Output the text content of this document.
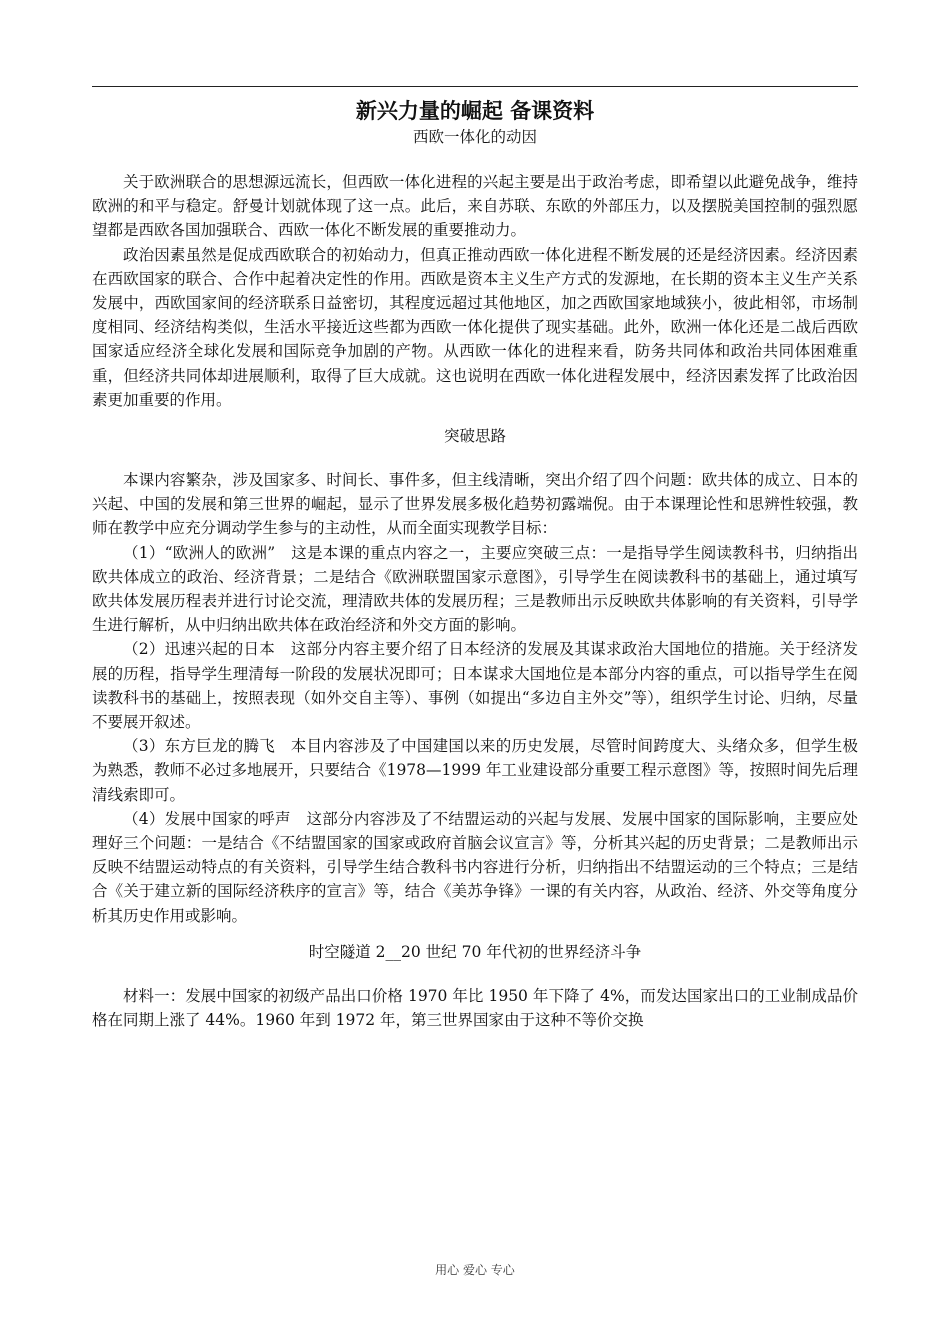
新兴力量的崛起 备课资料
西欧一体化的动因

关于欧洲联合的思想源远流长，但西欧一体化进程的兴起主要是出于政治考虑，即希望以此避免战争，维持欧洲的和平与稳定。舒曼计划就体现了这一点。此后，来自苏联、东欧的外部压力，以及摆脱美国控制的强烈愿望都是西欧各国加强联合、西欧一体化不断发展的重要推动力。

政治因素虽然是促成西欧联合的初始动力，但真正推动西欧一体化进程不断发展的还是经济因素。经济因素在西欧国家的联合、合作中起着决定性的作用。西欧是资本主义生产方式的发源地，在长期的资本主义生产关系发展中，西欧国家间的经济联系日益密切，其程度远超过其他地区，加之西欧国家地域狭小，彼此相邻，市场制度相同、经济结构类似，生活水平接近这些都为西欧一体化提供了现实基础。此外，欧洲一体化还是二战后西欧国家适应经济全球化发展和国际竞争加剧的产物。从西欧一体化的进程来看，防务共同体和政治共同体困难重重，但经济共同体却进展顺利，取得了巨大成就。这也说明在西欧一体化进程发展中，经济因素发挥了比政治因素更加重要的作用。

突破思路

本课内容繁杂，涉及国家多、时间长、事件多，但主线清晰，突出介绍了四个问题：欧共体的成立、日本的兴起、中国的发展和第三世界的崛起，显示了世界发展多极化趋势初露端倪。由于本课理论性和思辨性较强，教师在教学中应充分调动学生参与的主动性，从而全面实现教学目标：

（1）“欧洲人的欧洲”　这是本课的重点内容之一，主要应突破三点：一是指导学生阅读教科书，归纳指出欧共体成立的政治、经济背景；二是结合《欧洲联盟国家示意图》，引导学生在阅读教科书的基础上，通过填写欧共体发展历程表并进行讨论交流，理清欧共体的发展历程；三是教师出示反映欧共体影响的有关资料，引导学生进行解析，从中归纳出欧共体在政治经济和外交方面的影响。

（2）迅速兴起的日本　这部分内容主要介绍了日本经济的发展及其谋求政治大国地位的措施。关于经济发展的历程，指导学生理清每一阶段的发展状况即可；日本谋求大国地位是本部分内容的重点，可以指导学生在阅读教科书的基础上，按照表现（如外交自主等）、事例（如提出“多边自主外交”等），组织学生讨论、归纳，尽量不要展开叙述。

（3）东方巨龙的腾飞　本目内容涉及了中国建国以来的历史发展，尽管时间跨度大、头绪众多，但学生极为熟悉，教师不必过多地展开，只要结合《1978—1999 年工业建设部分重要工程示意图》等，按照时间先后理清线索即可。

（4）发展中国家的呼声　这部分内容涉及了不结盟运动的兴起与发展、发展中国家的国际影响，主要应处理好三个问题：一是结合《不结盟国家的国家或政府首脑会议宣言》等，分析其兴起的历史背景；二是教师出示反映不结盟运动特点的有关资料，引导学生结合教科书内容进行分析，归纳指出不结盟运动的三个特点；三是结合《关于建立新的国际经济秩序的宣言》等，结合《美苏争锋》一课的有关内容，从政治、经济、外交等角度分析其历史作用或影响。

时空隧道 2__20 世纪 70 年代初的世界经济斗争

材料一：发展中国家的初级产品出口价格 1970 年比 1950 年下降了 4%，而发达国家出口的工业制成品价格在同期上涨了 44%。1960 年到 1972 年，第三世界国家由于这种不等价交换

用心 爱心 专心
